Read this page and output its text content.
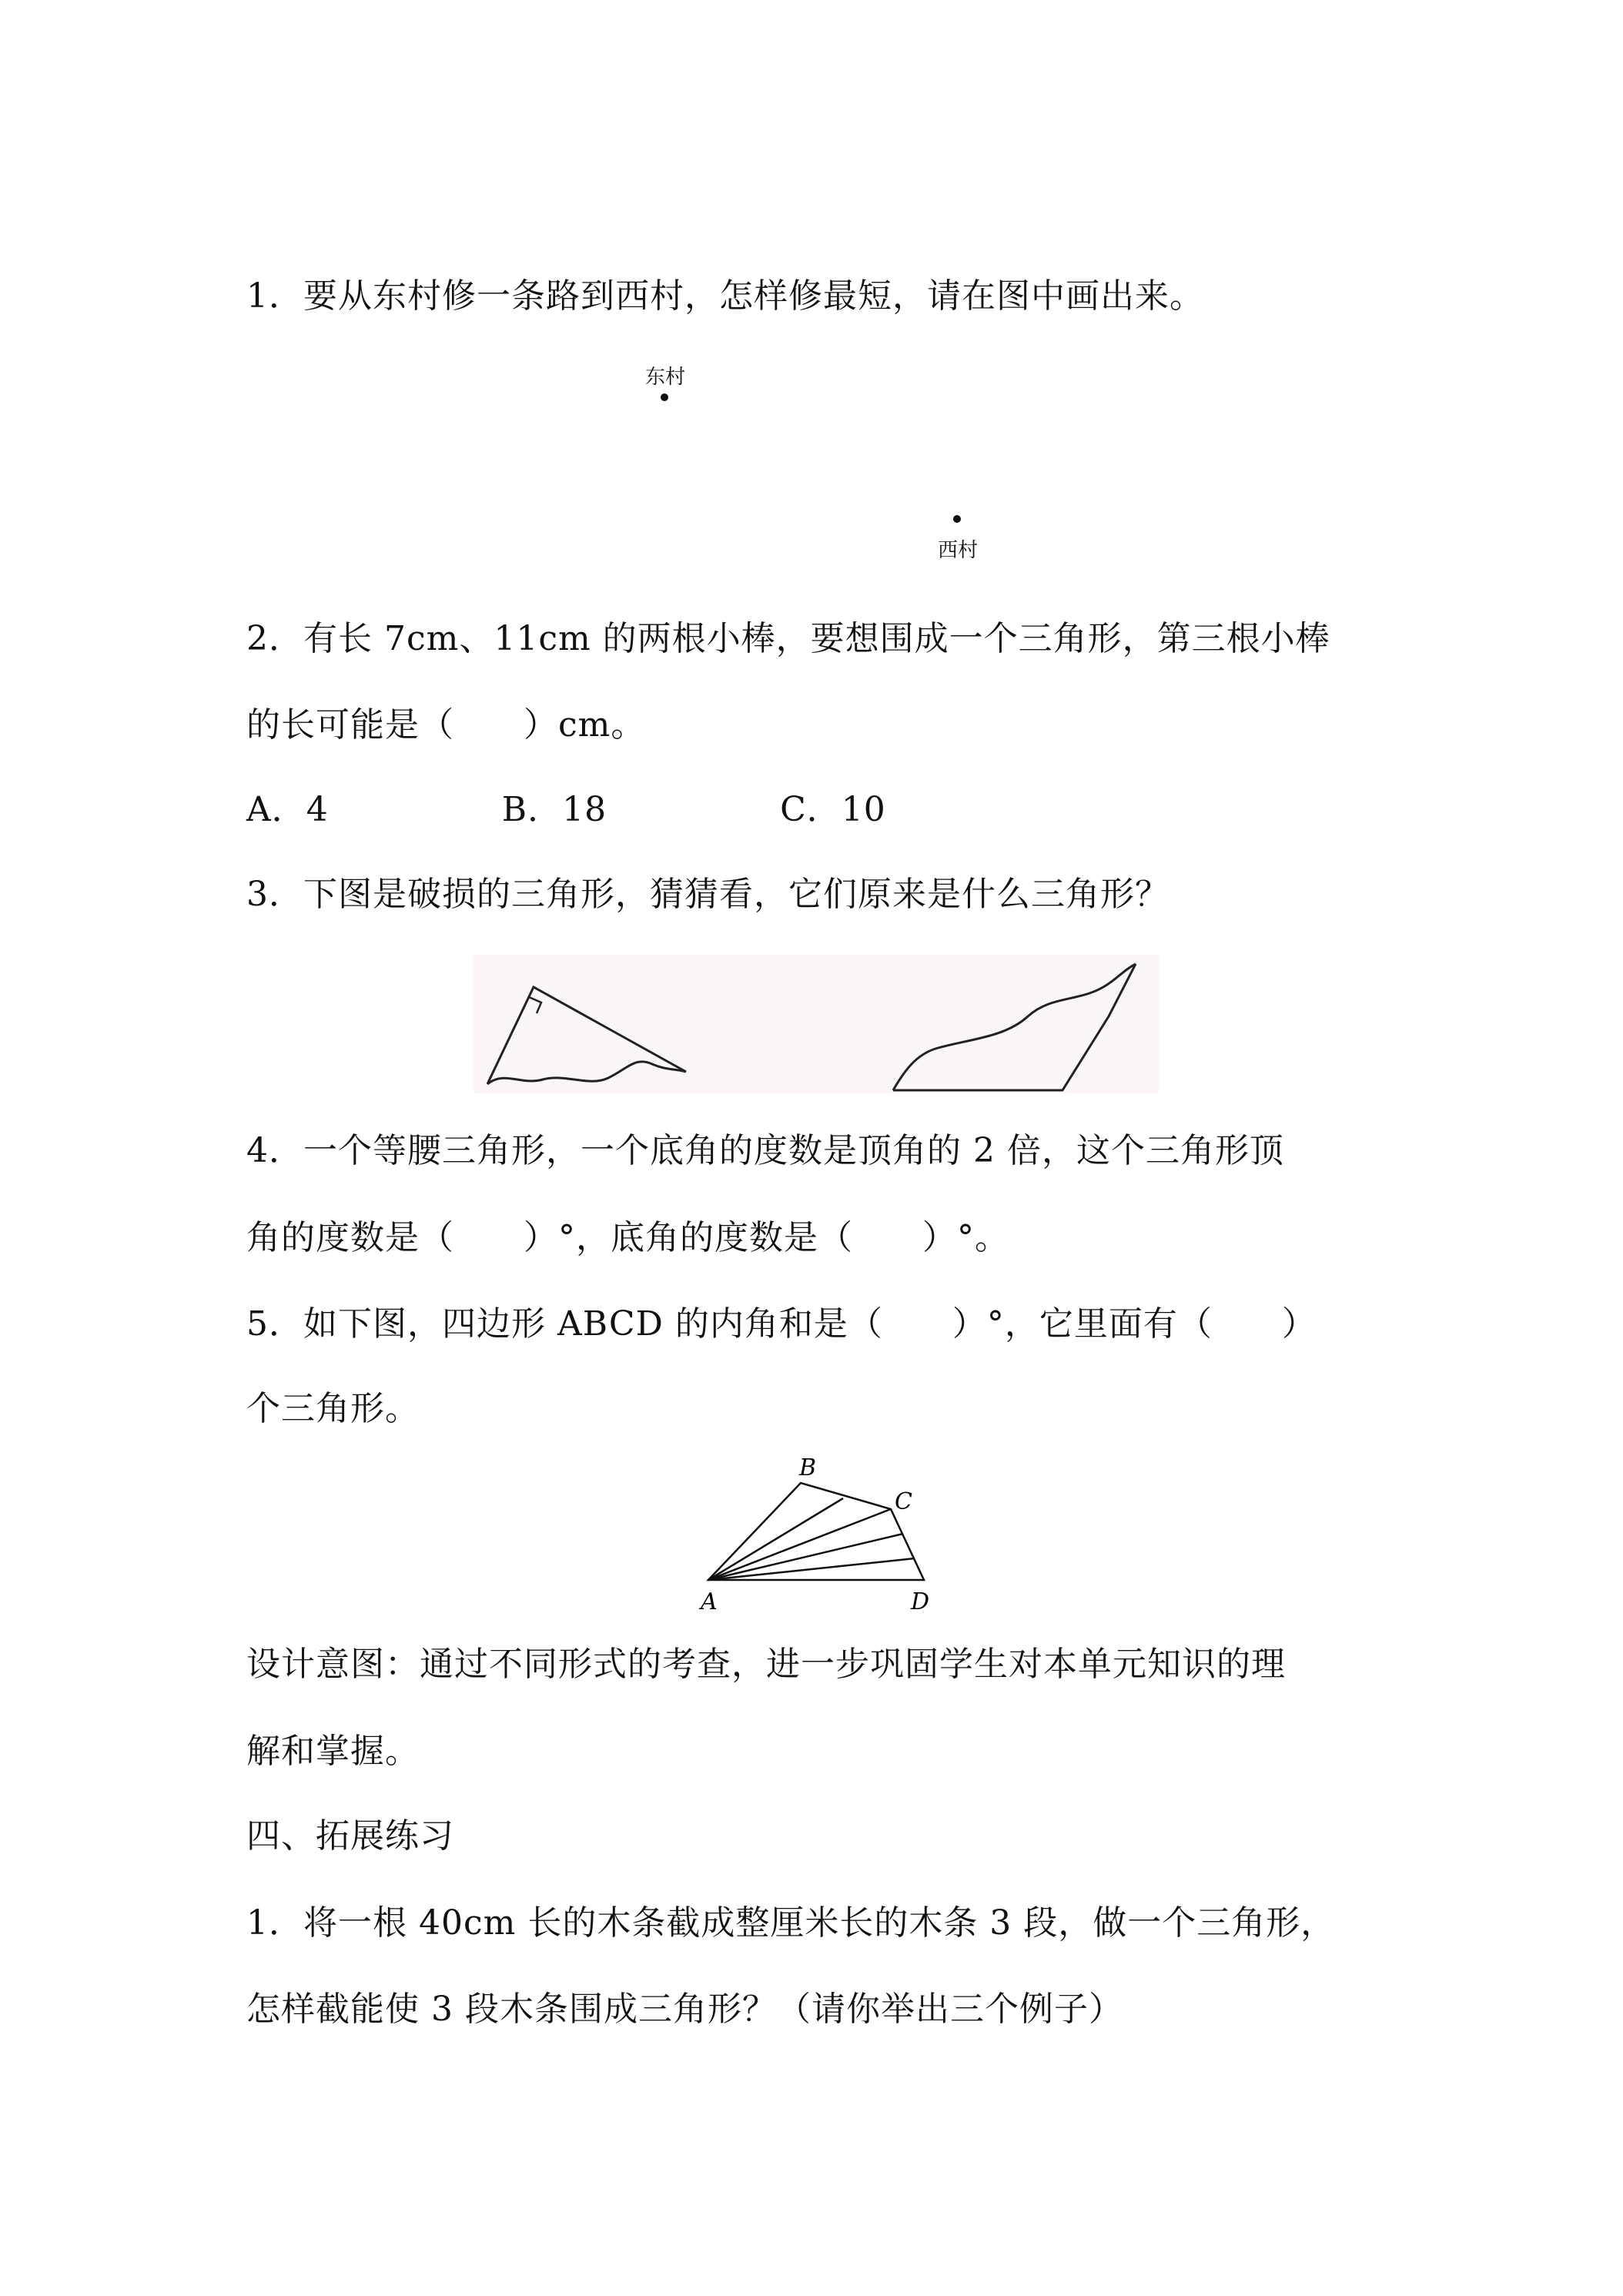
1．要从东村修一条路到西村，怎样修最短，请在图中画出来。
东村
西村
2．有长 7cm、11cm 的两根小棒，要想围成一个三角形，第三根小棒
的长可能是（　　）cm。
A．4　　　　　B．18　　　　　C．10
3．下图是破损的三角形，猜猜看，它们原来是什么三角形？
4．一个等腰三角形，一个底角的度数是顶角的 2 倍，这个三角形顶
角的度数是（　　）°，底角的度数是（　　）°。
5．如下图，四边形 ABCD 的内角和是（　　）°，它里面有（　　）
个三角形。
A
B
C
D
设计意图：通过不同形式的考查，进一步巩固学生对本单元知识的理
解和掌握。
四、拓展练习
1．将一根 40cm 长的木条截成整厘米长的木条 3 段，做一个三角形，
怎样截能使 3 段木条围成三角形？（请你举出三个例子）
